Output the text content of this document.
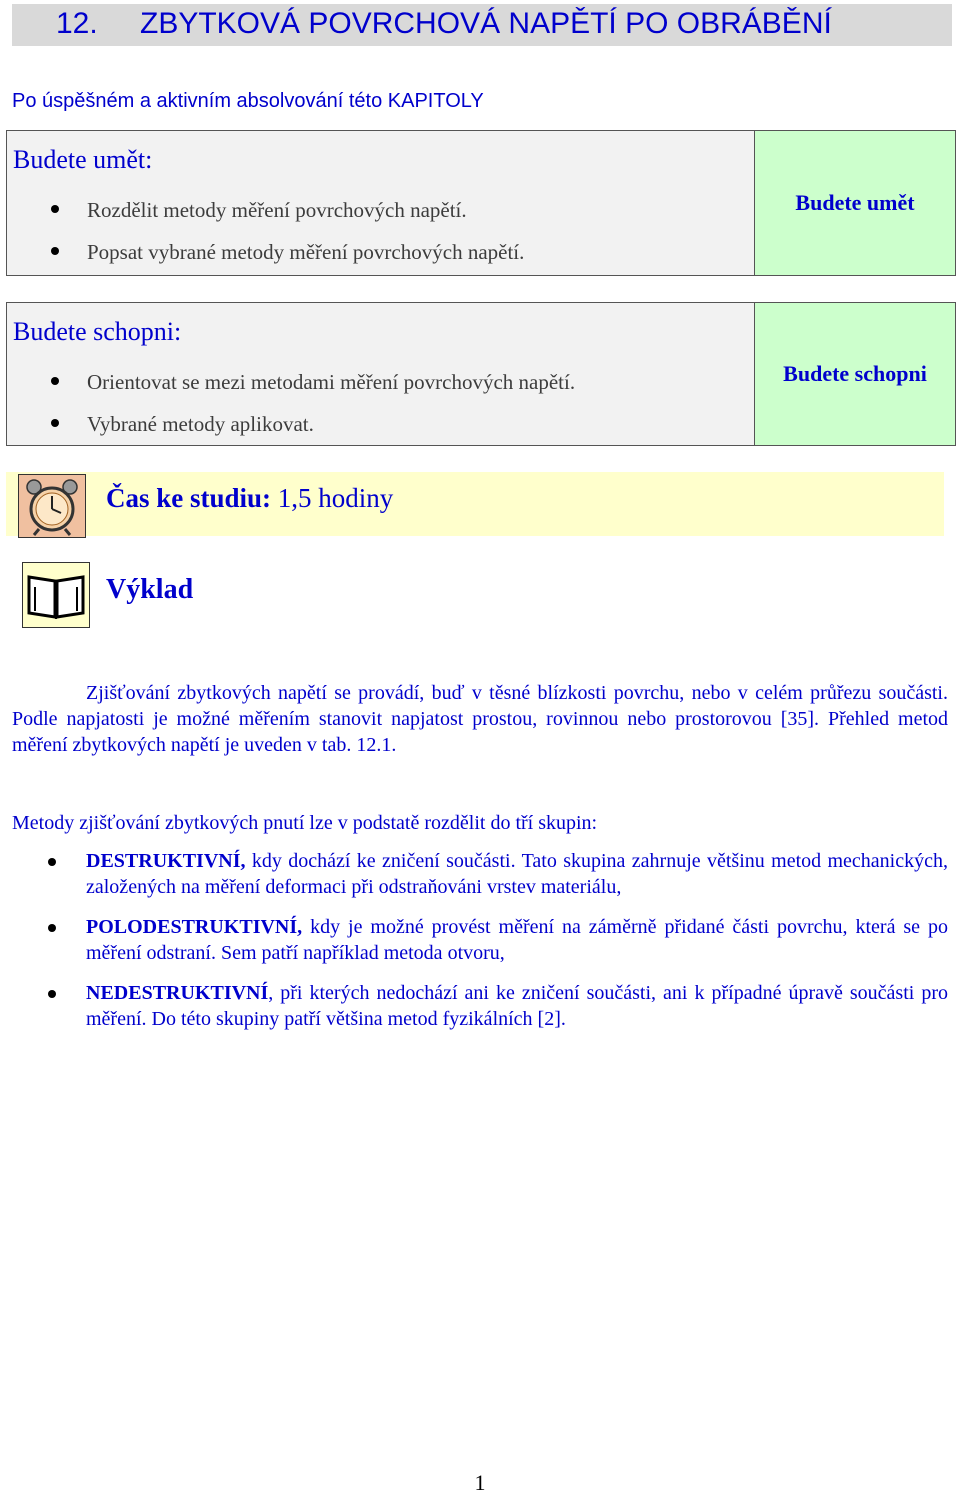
12. ZBYTKOVÁ POVRCHOVÁ NAPĚTÍ PO OBRÁBĚNÍ
Po úspěšném a aktivním absolvování této KAPITOLY
Budete umět:
Rozdělit metody měření povrchových napětí.
Popsat vybrané metody měření povrchových napětí.
Budete umět
Budete schopni:
Orientovat se mezi metodami měření povrchových napětí.
Vybrané metody aplikovat.
Budete schopni
Čas ke studiu: 1,5 hodiny
Výklad
Zjišťování zbytkových napětí se provádí, buď v těsné blízkosti povrchu, nebo v celém průřezu součásti. Podle napjatosti je možné měřením stanovit napjatost prostou, rovinnou nebo prostorovou [35]. Přehled metod měření zbytkových napětí je uveden v tab. 12.1.
Metody zjišťování zbytkových pnutí lze v podstatě rozdělit do tří skupin:
DESTRUKTIVNÍ, kdy dochází ke zničení součásti. Tato skupina zahrnuje většinu metod mechanických, založených na měření deformaci při odstraňováni vrstev materiálu,
POLODESTRUKTIVNÍ, kdy je možné provést měření na záměrně přidané části povrchu, která se po měření odstraní. Sem patří například metoda otvoru,
NEDESTRUKTIVNÍ, při kterých nedochází ani ke zničení součásti, ani k případné úpravě součásti pro měření. Do této skupiny patří většina metod fyzikálních [2].
1
